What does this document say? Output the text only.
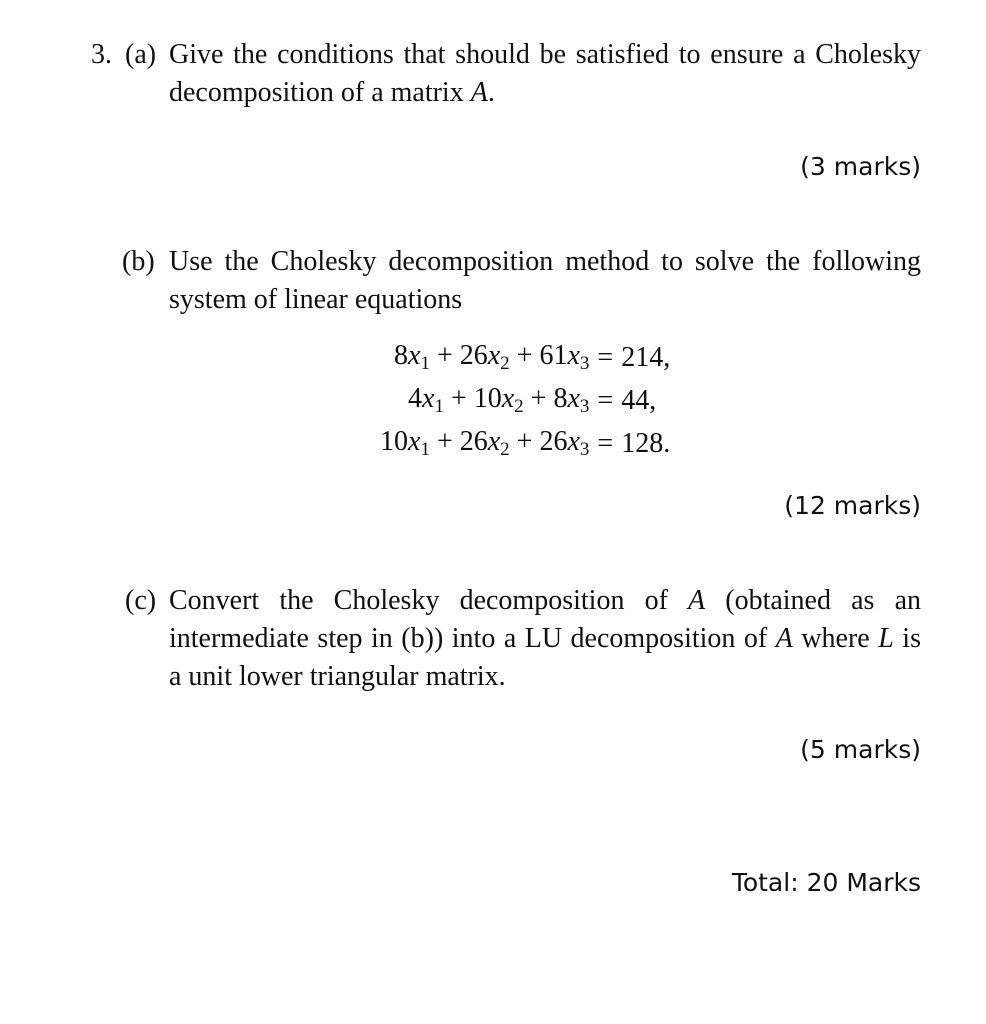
3. (a) Give the conditions that should be satisfied to ensure a Cholesky decomposition of a matrix A.
(3 marks)
(b) Use the Cholesky decomposition method to solve the following system of linear equations
$8x_1 + 26x_2 + 61x_3$	=	214,
$4x_1 + 10x_2 + 8x_3$	=	44,
$10x_1 + 26x_2 + 26x_3$	=	128.
(12 marks)
(c) Convert the Cholesky decomposition of A (obtained as an intermediate step in (b)) into a LU decomposition of A where L is a unit lower triangular matrix.
(5 marks)
Total: 20 Marks
